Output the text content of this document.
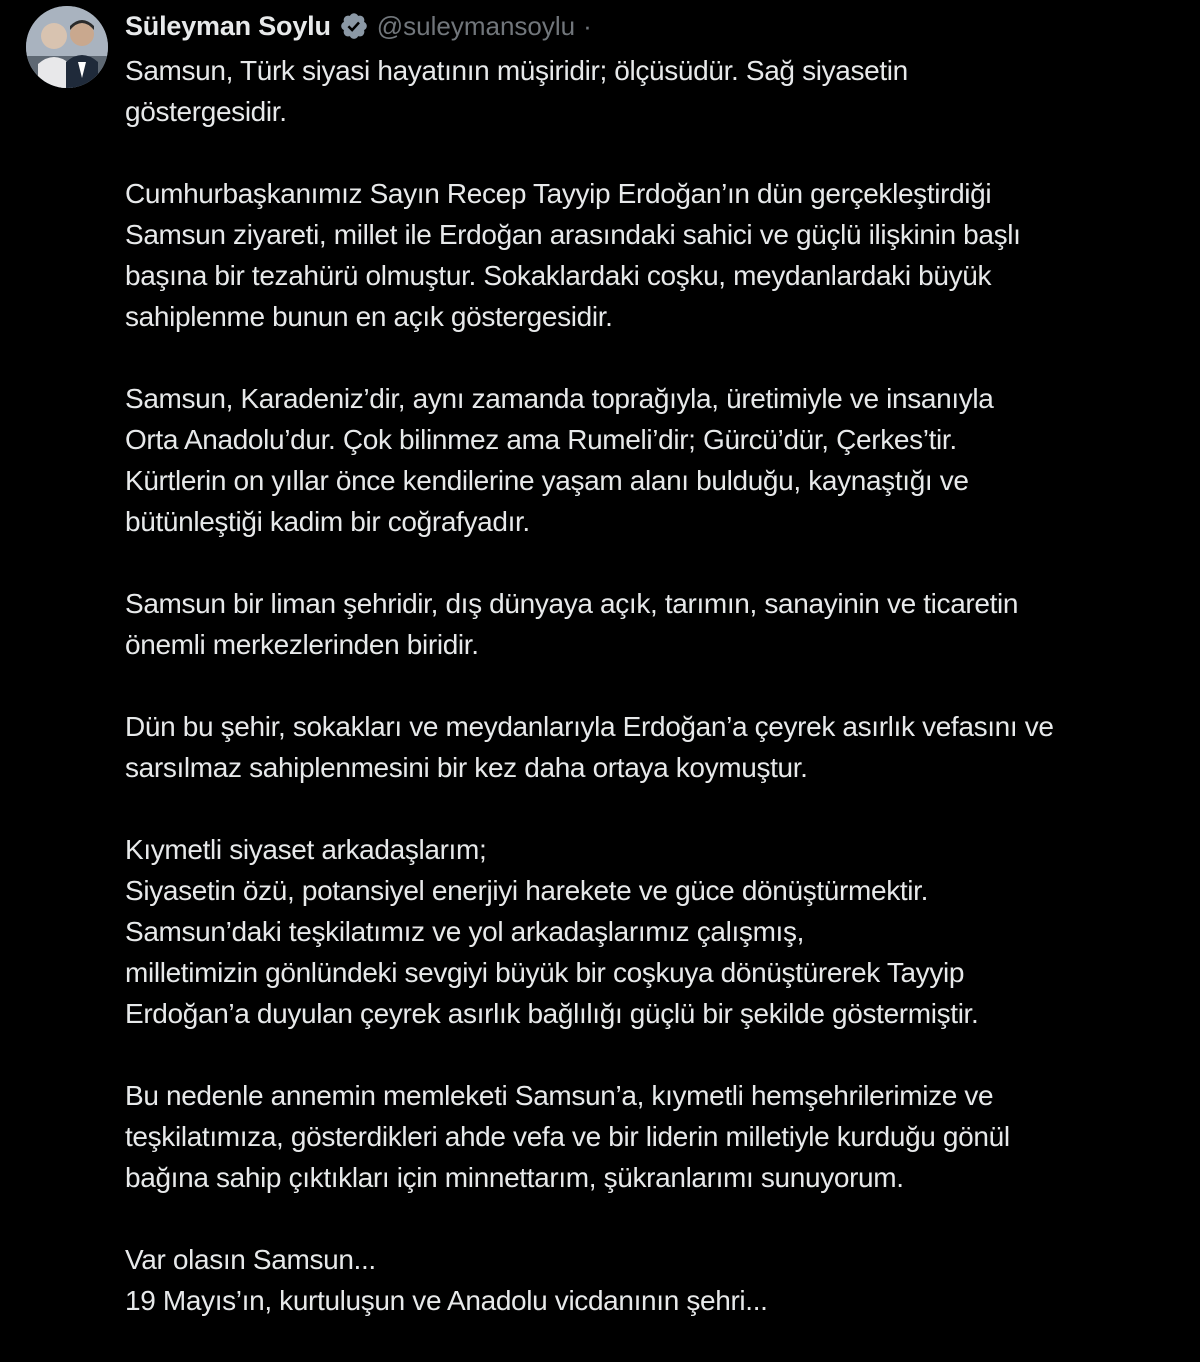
Süleyman Soylu @suleymansoylu ·
Samsun, Türk siyasi hayatının müşiridir; ölçüsüdür. Sağ siyasetin
göstergesidir.
Cumhurbaşkanımız Sayın Recep Tayyip Erdoğan’ın dün gerçekleştirdiği
Samsun ziyareti, millet ile Erdoğan arasındaki sahici ve güçlü ilişkinin başlı
başına bir tezahürü olmuştur. Sokaklardaki coşku, meydanlardaki büyük
sahiplenme bunun en açık göstergesidir.
Samsun, Karadeniz’dir, aynı zamanda toprağıyla, üretimiyle ve insanıyla
Orta Anadolu’dur. Çok bilinmez ama Rumeli’dir; Gürcü’dür, Çerkes’tir.
Kürtlerin on yıllar önce kendilerine yaşam alanı bulduğu, kaynaştığı ve
bütünleştiği kadim bir coğrafyadır.
Samsun bir liman şehridir, dış dünyaya açık, tarımın, sanayinin ve ticaretin
önemli merkezlerinden biridir.
Dün bu şehir, sokakları ve meydanlarıyla Erdoğan’a çeyrek asırlık vefasını ve
sarsılmaz sahiplenmesini bir kez daha ortaya koymuştur.
Kıymetli siyaset arkadaşlarım;
Siyasetin özü, potansiyel enerjiyi harekete ve güce dönüştürmektir.
Samsun’daki teşkilatımız ve yol arkadaşlarımız çalışmış,
milletimizin gönlündeki sevgiyi büyük bir coşkuya dönüştürerek Tayyip
Erdoğan’a duyulan çeyrek asırlık bağlılığı güçlü bir şekilde göstermiştir.
Bu nedenle annemin memleketi Samsun’a, kıymetli hemşehrilerimize ve
teşkilatımıza, gösterdikleri ahde vefa ve bir liderin milletiyle kurduğu gönül
bağına sahip çıktıkları için minnettarım, şükranlarımı sunuyorum.
Var olasın Samsun...
19 Mayıs’ın, kurtuluşun ve Anadolu vicdanının şehri...
